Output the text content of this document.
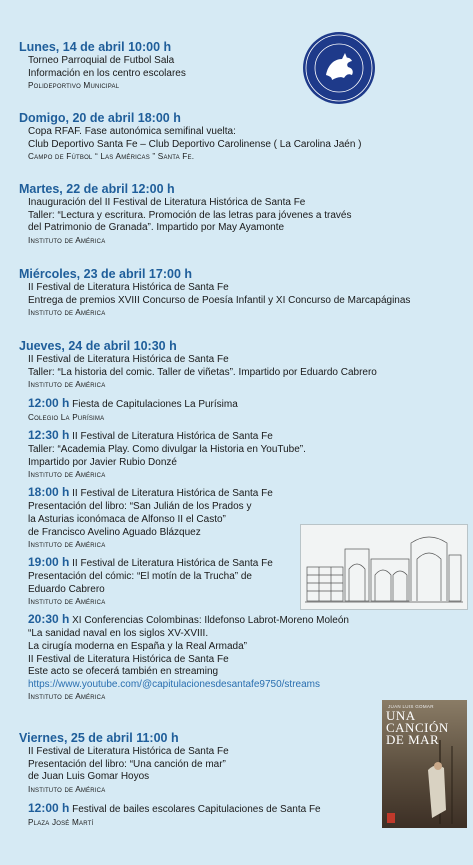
Lunes, 14 de abril 10:00 h

Torneo Parroquial de Futbol Sala
Información en los centro escolares
Polideportivo Municipal

Domigo, 20 de abril 18:00 h

Copa RFAF. Fase autonómica semifinal vuelta:
Club Deportivo Santa Fe – Club Deportivo Carolinense ( La Carolina Jaén )
Campo de Fútbol “ Las Américas ” Santa Fe.

Martes, 22 de abril 12:00 h

Inauguración del II Festival de Literatura Histórica de Santa Fe
Taller: “Lectura y escritura. Promoción de las letras para jóvenes a través
del Patrimonio de Granada”. Impartido por May Ayamonte
Instituto de América

Miércoles, 23 de abril 17:00 h

II Festival de Literatura Histórica de Santa Fe
Entrega de premios XVIII Concurso de Poesía Infantil y XI Concurso de Marcapáginas
Instituto de América

Jueves, 24 de abril 10:30 h

II Festival de Literatura Histórica de Santa Fe
Taller: “La historia del comic. Taller de viñetas”. Impartido por Eduardo Cabrero
Instituto de América
12:00 h Fiesta de Capitulaciones La Purísima
Colegio La Purísima
12:30 h II Festival de Literatura Histórica de Santa Fe
Taller: “Academia Play. Como divulgar la Historia en YouTube”.
Impartido por Javier Rubio Donzé
Instituto de América
18:00 h II Festival de Literatura Histórica de Santa Fe
Presentación del libro: “San Julián de los Prados y
la Asturias iconómaca de Alfonso II el Casto”
de Francisco Avelino Aguado Blázquez
Instituto de América
19:00 h II Festival de Literatura Histórica de Santa Fe
Presentación del cómic: “El motín de la Trucha” de
Eduardo Cabrero
Instituto de América
20:30 h XI Conferencias Colombinas: Ildefonso Labrot-Moreno Moleón
“La sanidad naval en los siglos XV-XVIII.
La cirugía moderna en España y la Real Armada”
II Festival de Literatura Histórica de Santa Fe
Este acto se ofecerá también en streaming
https://www.youtube.com/@capitulacionesdesantafe9750/streams
Instituto de América

Viernes, 25 de abril 11:00 h

II Festival de Literatura Histórica de Santa Fe
Presentación del libro: “Una canción de mar”
de Juan Luis Gomar Hoyos
Instituto de América
12:00 h Festival de bailes escolares Capitulaciones de Santa Fe
Plaza José Martí
JUAN LUIS GOMAR
UNA CANCIÓN DE MAR
